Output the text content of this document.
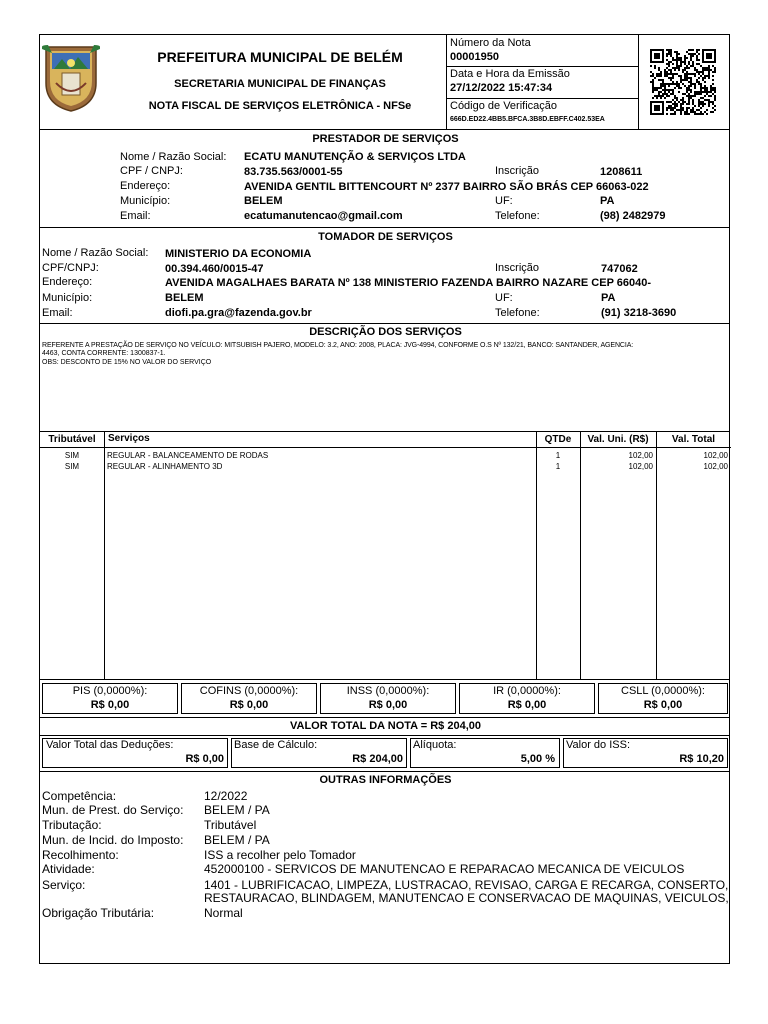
PREFEITURA MUNICIPAL DE BELÉM
SECRETARIA MUNICIPAL DE FINANÇAS
NOTA FISCAL DE SERVIÇOS ELETRÔNICA - NFSe
Número da Nota
00001950
Data e Hora da Emissão
27/12/2022 15:47:34
Código de Verificação
666D.ED22.4BB5.BFCA.3B8D.EBFF.C402.53EA
PRESTADOR DE SERVIÇOS
Nome / Razão Social: ECATU MANUTENÇÃO & SERVIÇOS LTDA
CPF / CNPJ:	83.735.563/0001-55	Inscrição	1208611
Endereço:	AVENIDA GENTIL BITTENCOURT Nº 2377 BAIRRO SÃO BRÁS CEP 66063-022
Município:	BELEM	UF:	PA
Email:	ecatumanutencao@gmail.com	Telefone:	(98) 2482979
TOMADOR DE SERVIÇOS
Nome / Razão Social: MINISTERIO DA ECONOMIA
CPF/CNPJ:	00.394.460/0015-47	Inscrição	747062
Endereço:	AVENIDA MAGALHAES BARATA Nº 138 MINISTERIO FAZENDA BAIRRO NAZARE CEP 66040-
Município:	BELEM	UF:	PA
Email:	diofi.pa.gra@fazenda.gov.br	Telefone:	(91) 3218-3690
DESCRIÇÃO DOS SERVIÇOS
REFERENTE A PRESTAÇÃO DE SERVIÇO NO VEÍCULO: MITSUBISH PAJERO, MODELO: 3.2, ANO: 2008, PLACA: JVG-4994, CONFORME O.S Nº 132/21, BANCO: SANTANDER, AGENCIA:
4463, CONTA CORRENTE: 1300837-1.
OBS: DESCONTO DE 15% NO VALOR DO SERVIÇO
Tributável	Serviços	QTDe	Val. Uni. (R$)	Val. Total
SIM	REGULAR - BALANCEAMENTO DE RODAS	1	102,00	102,00
SIM	REGULAR - ALINHAMENTO 3D	1	102,00	102,00
PIS (0,0000%):
R$ 0,00
COFINS (0,0000%):
R$ 0,00
INSS (0,0000%):
R$ 0,00
IR (0,0000%):
R$ 0,00
CSLL (0,0000%):
R$ 0,00
VALOR TOTAL DA NOTA = R$ 204,00
Valor Total das Deduções:
R$ 0,00
Base de Cálculo:
R$ 204,00
Alíquota:
5,00 %
Valor do ISS:
R$ 10,20
OUTRAS INFORMAÇÕES
Competência:	12/2022
Mun. de Prest. do Serviço: BELEM / PA
Tributação:	Tributável
Mun. de Incid. do Imposto: BELEM / PA
Recolhimento:	ISS a recolher pelo Tomador
Atividade:	452000100 - SERVICOS DE MANUTENCAO E REPARACAO MECANICA DE VEICULOS
Serviço:	1401 - LUBRIFICACAO, LIMPEZA, LUSTRACAO, REVISAO, CARGA E RECARGA, CONSERTO,
RESTAURACAO, BLINDAGEM, MANUTENCAO E CONSERVACAO DE MAQUINAS, VEICULOS,
Obrigação Tributária:	Normal
